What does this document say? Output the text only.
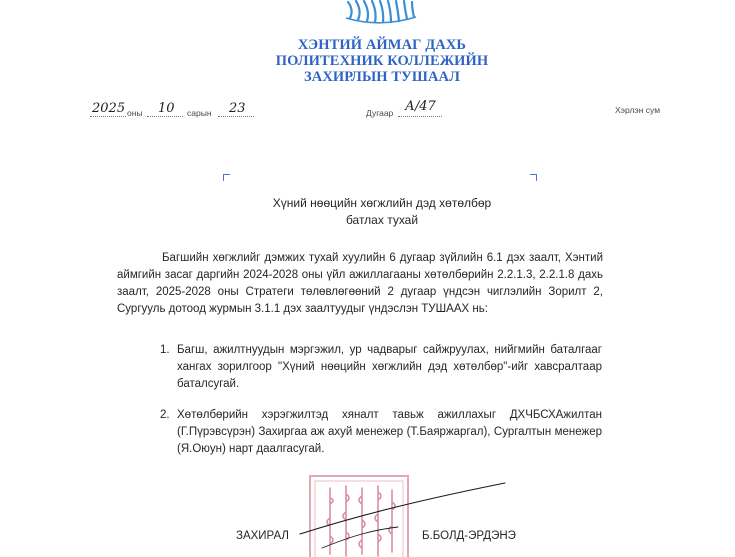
ХЭНТИЙ АЙМАГ ДАХЬ
ПОЛИТЕХНИК КОЛЛЕЖИЙН
ЗАХИРЛЫН ТУШААЛ
2025 оны 10 сарын 23	Дугаар А/47	Хэрлэн сум
Хүний нөөцийн хөгжлийн дэд хөтөлбөр
батлах тухай

Багшийн хөгжлийг дэмжих тухай хуулийн 6 дугаар зүйлийн 6.1 дэх заалт, Хэнтий аймгийн засаг даргийн 2024-2028 оны үйл ажиллагааны хөтөлбөрийн 2.2.1.3, 2.2.1.8 дахь заалт, 2025-2028 оны Стратеги төлөвлөгөөний 2 дугаар үндсэн чиглэлийн Зорилт 2, Сургууль дотоод журмын 3.1.1 дэх заалтуудыг үндэслэн ТУШААХ нь:

1. Багш, ажилтнуудын мэргэжил, ур чадварыг сайжруулах, нийгмийн баталгааг хангах зорилгоор "Хүний нөөцийн хөгжлийн дэд хөтөлбөр"-ийг хавсралтаар баталсугай.
2. Хөтөлбөрийн хэрэгжилтэд хяналт тавьж ажиллахыг ДХЧБСХАжилтан (Г.Пүрэвсүрэн) Захиргаа аж ахуй менежер (Т.Баяржаргал), Сургалтын менежер (Я.Оюун) нарт даалгасугай.
ЗАХИРАЛ	Б.БОЛД-ЭРДЭНЭ
